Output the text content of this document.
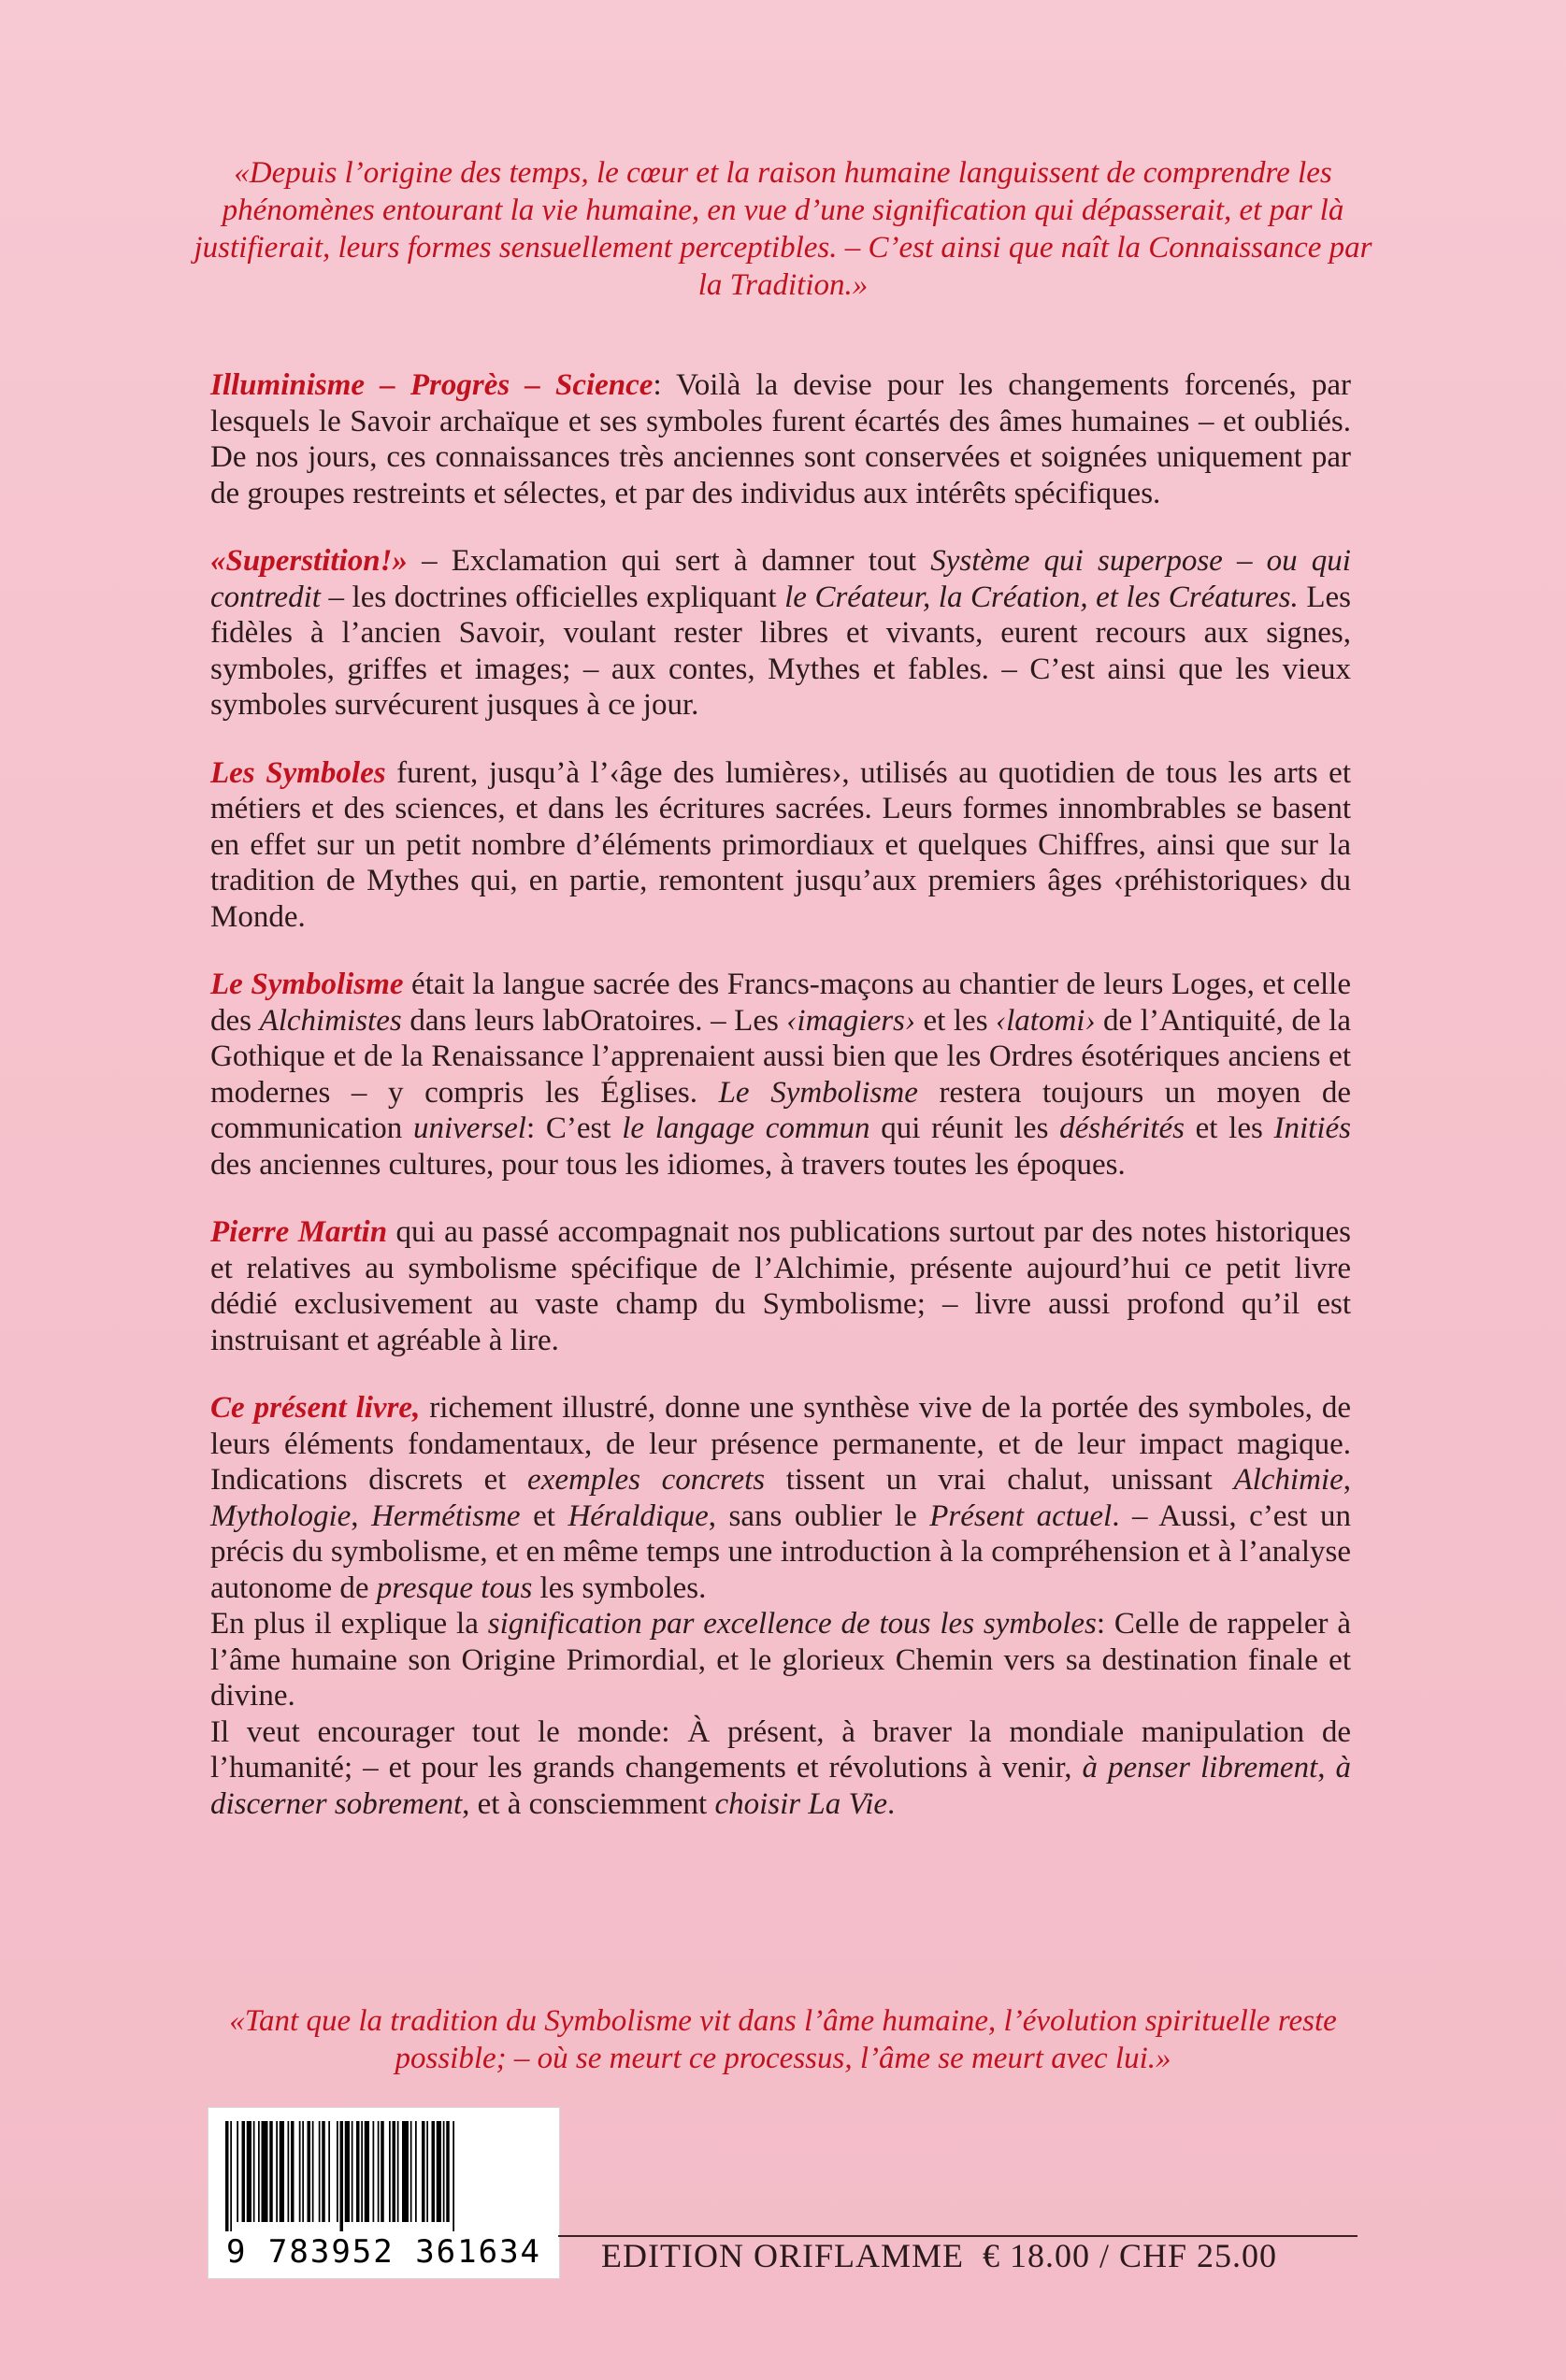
«Depuis l’origine des temps, le cœur et la raison humaine languissent de comprendre les phénomènes entourant la vie humaine, en vue d’une signification qui dépasserait, et par là justifierait, leurs formes sensuellement perceptibles. – C’est ainsi que naît la Connaissance par la Tradition.»

Illuminisme – Progrès – Science: Voilà la devise pour les changements forcenés, par lesquels le Savoir archaïque et ses symboles furent écartés des âmes humaines – et oubliés. De nos jours, ces connaissances très anciennes sont conservées et soignées uniquement par de groupes restreints et sélectes, et par des individus aux intérêts spécifiques.

«Superstition!» – Exclamation qui sert à damner tout Système qui superpose – ou qui contredit – les doctrines officielles expliquant le Créateur, la Création, et les Créatures. Les fidèles à l’ancien Savoir, voulant rester libres et vivants, eurent recours aux signes, symboles, griffes et images; – aux contes, Mythes et fables. – C’est ainsi que les vieux symboles survécurent jusques à ce jour.

Les Symboles furent, jusqu’à l’‹âge des lumières›, utilisés au quotidien de tous les arts et métiers et des sciences, et dans les écritures sacrées. Leurs formes innombrables se basent en effet sur un petit nombre d’éléments primordiaux et quelques Chiffres, ainsi que sur la tradition de Mythes qui, en partie, remontent jusqu’aux premiers âges ‹préhistoriques› du Monde.

Le Symbolisme était la langue sacrée des Francs-maçons au chantier de leurs Loges, et celle des Alchimistes dans leurs labOratoires. – Les ‹imagiers› et les ‹latomi› de l’Antiquité, de la Gothique et de la Renaissance l’apprenaient aussi bien que les Ordres ésotériques anciens et modernes – y compris les Églises. Le Symbolisme restera toujours un moyen de communication universel: C’est le langage commun qui réunit les déshérités et les Initiés des anciennes cultures, pour tous les idiomes, à travers toutes les époques.

Pierre Martin qui au passé accompagnait nos publications surtout par des notes historiques et relatives au symbolisme spécifique de l’Alchimie, présente aujourd’hui ce petit livre dédié exclusivement au vaste champ du Symbolisme; – livre aussi profond qu’il est instruisant et agréable à lire.

Ce présent livre, richement illustré, donne une synthèse vive de la portée des symboles, de leurs éléments fondamentaux, de leur présence permanente, et de leur impact magique. Indications discrets et exemples concrets tissent un vrai chalut, unissant Alchimie, Mythologie, Hermétisme et Héraldique, sans oublier le Présent actuel. – Aussi, c’est un précis du symbolisme, et en même temps une introduction à la compréhension et à l’analyse autonome de presque tous les symboles.

En plus il explique la signification par excellence de tous les symboles: Celle de rappeler à l’âme humaine son Origine Primordial, et le glorieux Chemin vers sa destination finale et divine.

Il veut encourager tout le monde: À présent, à braver la mondiale manipulation de l’humanité; – et pour les grands changements et révolutions à venir, à penser librement, à discerner sobrement, et à consciemment choisir La Vie.

«Tant que la tradition du Symbolisme vit dans l’âme humaine, l’évolution spirituelle reste possible; – où se meurt ce processus, l’âme se meurt avec lui.»
9 783952 361634 EDITION ORIFLAMME € 18.00 / CHF 25.00
